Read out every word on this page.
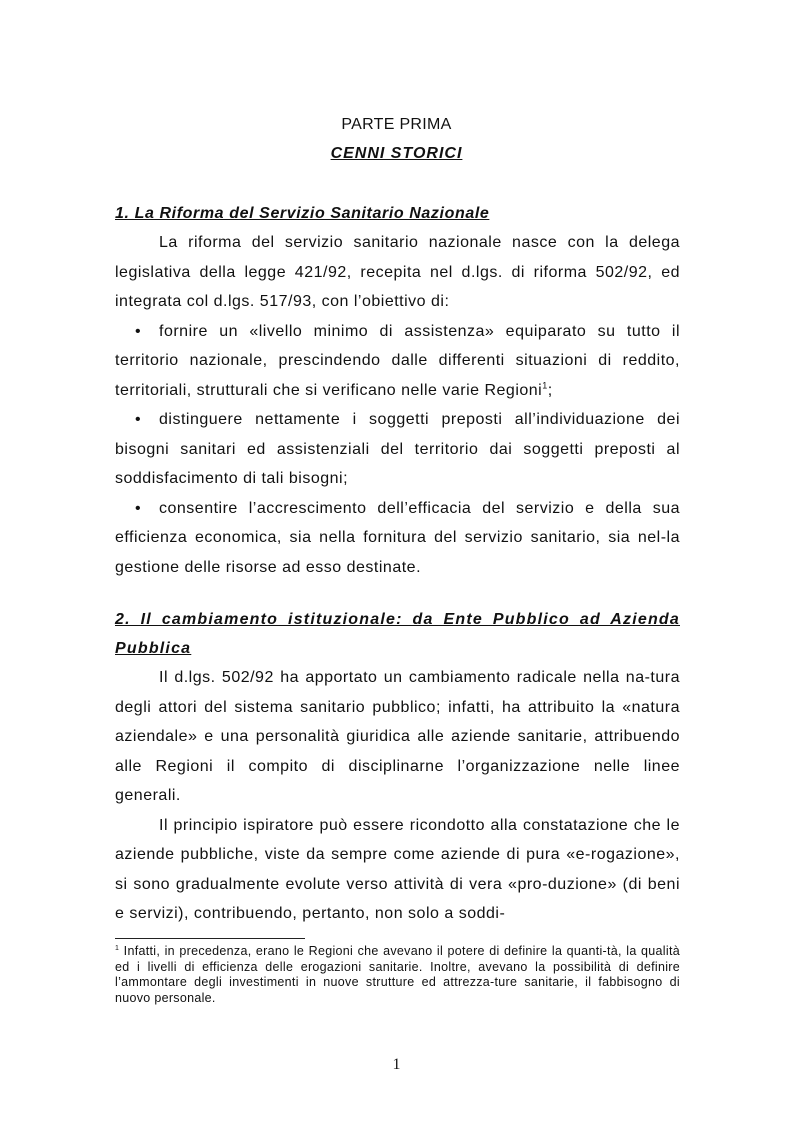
PARTE PRIMA
CENNI STORICI

1. La Riforma del Servizio Sanitario Nazionale

La riforma del servizio sanitario nazionale nasce con la delega legislativa della legge 421/92, recepita nel d.lgs. di riforma 502/92, ed integrata col d.lgs. 517/93, con l’obiettivo di:

• fornire un «livello minimo di assistenza» equiparato su tutto il territorio nazionale, prescindendo dalle differenti situazioni di reddito, territoriali, strutturali che si verificano nelle varie Regioni$^1$;
• distinguere nettamente i soggetti preposti all’individuazione dei bisogni sanitari ed assistenziali del territorio dai soggetti preposti al soddisfacimento di tali bisogni;
• consentire l’accrescimento dell’efficacia del servizio e della sua efficienza economica, sia nella fornitura del servizio sanitario, sia nel-la gestione delle risorse ad esso destinate.

2. Il cambiamento istituzionale: da Ente Pubblico ad Azienda Pubblica

Il d.lgs. 502/92 ha apportato un cambiamento radicale nella na-tura degli attori del sistema sanitario pubblico; infatti, ha attribuito la «natura aziendale» e una personalità giuridica alle aziende sanitarie, attribuendo alle Regioni il compito di disciplinarne l’organizzazione nelle linee generali.

Il principio ispiratore può essere ricondotto alla constatazione che le aziende pubbliche, viste da sempre come aziende di pura «e-rogazione», si sono gradualmente evolute verso attività di vera «pro-duzione» (di beni e servizi), contribuendo, pertanto, non solo a soddi-

$^1$ Infatti, in precedenza, erano le Regioni che avevano il potere di definire la quanti-tà, la qualità ed i livelli di efficienza delle erogazioni sanitarie. Inoltre, avevano la possibilità di definire l’ammontare degli investimenti in nuove strutture ed attrezza-ture sanitarie, il fabbisogno di nuovo personale.
1
